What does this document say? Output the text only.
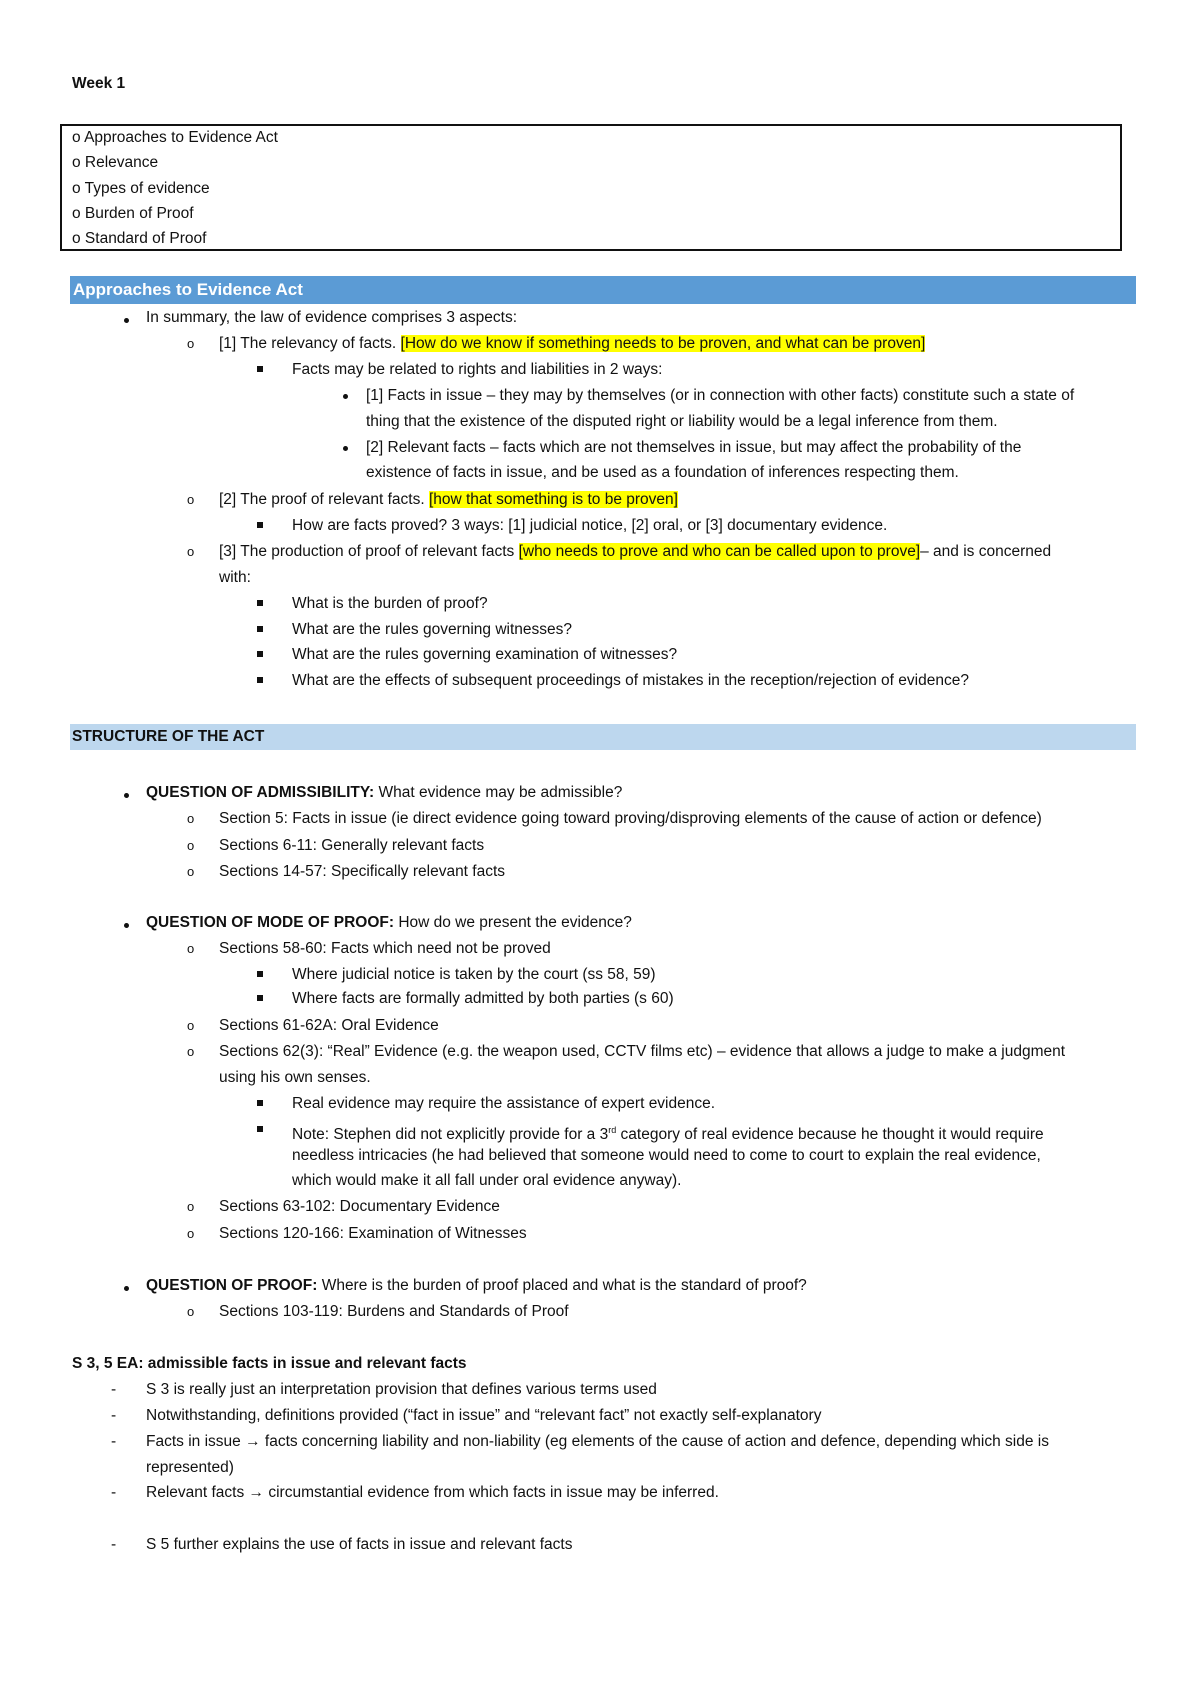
Week 1
o Approaches to Evidence Act
o Relevance
o Types of evidence
o Burden of Proof
o Standard of Proof
Approaches to Evidence Act
In summary, the law of evidence comprises 3 aspects:
o [1] The relevancy of facts. [How do we know if something needs to be proven, and what can be proven]
Facts may be related to rights and liabilities in 2 ways:
[1] Facts in issue – they may by themselves (or in connection with other facts) constitute such a state of
thing that the existence of the disputed right or liability would be a legal inference from them.
[2] Relevant facts – facts which are not themselves in issue, but may affect the probability of the
existence of facts in issue, and be used as a foundation of inferences respecting them.
o [2] The proof of relevant facts. [how that something is to be proven]
How are facts proved? 3 ways: [1] judicial notice, [2] oral, or [3] documentary evidence.
o [3] The production of proof of relevant facts [who needs to prove and who can be called upon to prove]– and is concerned
with:
What is the burden of proof?
What are the rules governing witnesses?
What are the rules governing examination of witnesses?
What are the effects of subsequent proceedings of mistakes in the reception/rejection of evidence?
STRUCTURE OF THE ACT
QUESTION OF ADMISSIBILITY: What evidence may be admissible?
o Section 5: Facts in issue (ie direct evidence going toward proving/disproving elements of the cause of action or defence)
o Sections 6-11: Generally relevant facts
o Sections 14-57: Specifically relevant facts
QUESTION OF MODE OF PROOF: How do we present the evidence?
o Sections 58-60: Facts which need not be proved
Where judicial notice is taken by the court (ss 58, 59)
Where facts are formally admitted by both parties (s 60)
o Sections 61-62A: Oral Evidence
o Sections 62(3): “Real” Evidence (e.g. the weapon used, CCTV films etc) – evidence that allows a judge to make a judgment
using his own senses.
Real evidence may require the assistance of expert evidence.
Note: Stephen did not explicitly provide for a 3rd category of real evidence because he thought it would require
needless intricacies (he had believed that someone would need to come to court to explain the real evidence,
which would make it all fall under oral evidence anyway).
o Sections 63-102: Documentary Evidence
o Sections 120-166: Examination of Witnesses
QUESTION OF PROOF: Where is the burden of proof placed and what is the standard of proof?
o Sections 103-119: Burdens and Standards of Proof
S 3, 5 EA: admissible facts in issue and relevant facts
- S 3 is really just an interpretation provision that defines various terms used
- Notwithstanding, definitions provided (“fact in issue” and “relevant fact” not exactly self-explanatory
- Facts in issue → facts concerning liability and non-liability (eg elements of the cause of action and defence, depending which side is
represented)
- Relevant facts → circumstantial evidence from which facts in issue may be inferred.
- S 5 further explains the use of facts in issue and relevant facts
